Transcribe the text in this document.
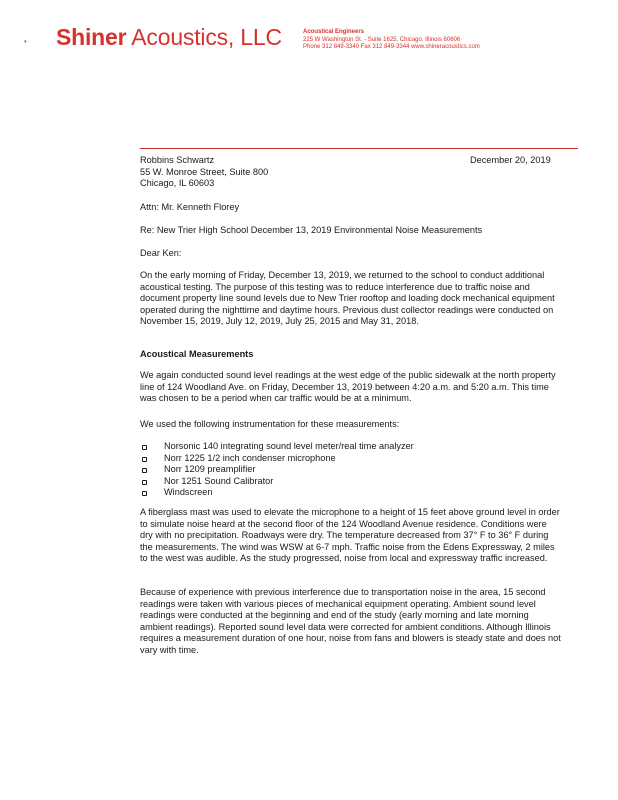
• Shiner Acoustics, LLC	Acoustical Engineers
225 W Washington St. - Suite 1625, Chicago, Illinois 60606
Phone 312 849-3340 Fax 312 849-3344 www.shineracoustics.com
Robbins Schwartz
55 W. Monroe Street, Suite 800
Chicago, IL 60603
December 20, 2019
Attn: Mr. Kenneth Florey
Re: New Trier High School December 13, 2019 Environmental Noise Measurements
Dear Ken:
On the early morning of Friday, December 13, 2019, we returned to the school to conduct additional acoustical testing. The purpose of this testing was to reduce interference due to traffic noise and document property line sound levels due to New Trier rooftop and loading dock mechanical equipment operated during the nighttime and daytime hours. Previous dust collector readings were conducted on November 15, 2019, July 12, 2019, July 25, 2015 and May 31, 2018.
Acoustical Measurements
We again conducted sound level readings at the west edge of the public sidewalk at the north property line of 124 Woodland Ave. on Friday, December 13, 2019 between 4:20 a.m. and 5:20 a.m. This time was chosen to be a period when car traffic would be at a minimum.
We used the following instrumentation for these measurements:
Norsonic 140 integrating sound level meter/real time analyzer
Norr 1225 1/2 inch condenser microphone
Norr 1209 preamplifier
Nor 1251 Sound Calibrator
Windscreen
A fiberglass mast was used to elevate the microphone to a height of 15 feet above ground level in order to simulate noise heard at the second floor of the 124 Woodland Avenue residence. Conditions were dry with no precipitation. Roadways were dry. The temperature decreased from 37° F to 36° F during the measurements. The wind was WSW at 6-7 mph. Traffic noise from the Edens Expressway, 2 miles to the west was audible. As the study progressed, noise from local and expressway traffic increased.
Because of experience with previous interference due to transportation noise in the area, 15 second readings were taken with various pieces of mechanical equipment operating. Ambient sound level readings were conducted at the beginning and end of the study (early morning and late morning ambient readings). Reported sound level data were corrected for ambient conditions. Although Illinois requires a measurement duration of one hour, noise from fans and blowers is steady state and does not vary with time.
